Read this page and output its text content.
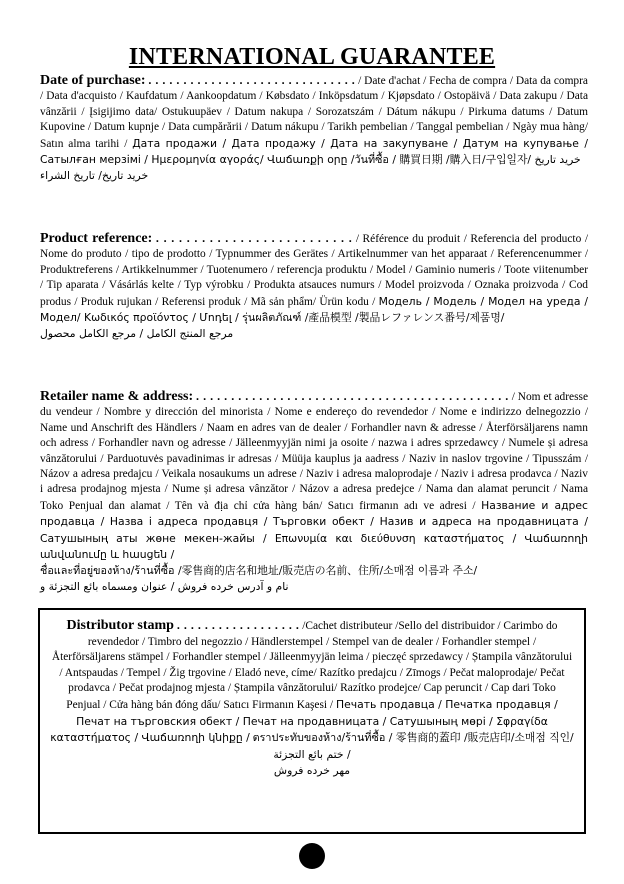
INTERNATIONAL GUARANTEE
Date of purchase: . . . . . . . . . . . . . . . . . . . . . . . . . . . . . . / Date d'achat / Fecha de compra / Data da compra / Data d'acquisto / Kaufdatum / Aankoopdatum / Købsdato / Inköpsdatum / Kjøpsdato / Ostopäivä / Data zakupu / Data vânzării / Įsigijimo data/ Ostukuupäev / Datum nakupa / Sorozatszám / Dátum nákupu / Pirkuma datums / Datum Kupovine / Datum kupnje / Data cumpărării / Datum nákupu / Tarikh pembelian / Tanggal pembelian / Ngày mua hàng/ Satın alma tarihi / Дата продажи / Дата продажу / Дата на закупуване / Датум на купување / Сатылған мерзімі / Ημερομηνία αγοράς/ Վաճառքի օրը /วันที่ซื้อ / 購買日期 /購入日/구입일자/ خريد تاريخ
خريد تاريخ/ تاريخ الشراء
Product reference: . . . . . . . . . . . . . . . . . . . . . . . . . . / Référence du produit / Referencia del producto / Nome do produto / tipo de prodotto / Typnummer des Gerätes / Artikelnummer van het apparaat / Referencenummer / Produktreferens / Artikkelnummer / Tuotenumero / referencja produktu / Model / Gaminio numeris / Toote viitenumber / Tip aparata / Vásárlás kelte / Typ výrobku / Produkta atsauces numurs / Model proizvoda / Oznaka proizvoda / Cod produs / Produk rujukan / Referensi produk / Mã sản phẩm/ Ürün kodu / Модель / Модель / Модел на уреда / Модел/ Κωδικός προϊόντος / Մոդել / รุ่นผลิตภัณฑ์ /產品模型 /製品レファレンス番号/제품명/
مرجع المنتج الكامل / مرجع الكامل محصول
Retailer name & address: . . . . . . . . . . . . . . . . . . . . . . . . . . . . . . . . . . . . . . . . . . . . . / Nom et adresse du vendeur / Nombre y dirección del minorista / Nome e endereço do revendedor / Nome e indirizzo delnegozzio / Name und Anschrift des Händlers / Naam en adres van de dealer / Forhandler navn & adresse / Återförsäljarens namn och adress / Forhandler navn og adresse / Jälleenmyyjän nimi ja osoite / nazwa i adres sprzedawcy / Numele și adresa vânzătorului / Parduotuvės pavadinimas ir adresas / Müüja kauplus ja aadress / Naziv in naslov trgovine / Tipusszám / Názov a adresa predajcu / Veikala nosaukums un adrese / Naziv i adresa maloprodaje / Naziv i adresa prodavca / Naziv i adresa prodajnog mjesta / Nume și adresa vânzător / Názov a adresa predejce / Nama dan alamat peruncit / Nama Toko Penjual dan alamat / Tên và địa chỉ cửa hàng bán/ Satıcı firmanın adı ve adresi / Название и адрес продавца / Назва і адреса продавця / Търговки обект / Назив и адреса на продавницата / Сатушының аты жөне мекен-жайы / Επωνυμία και διεύθυνση καταστήματος / Վաճառողի անվանումը և հասցեն /
ชื่อและที่อยู่ของห้าง/ร้านที่ซื้อ /零售商的店名和地址/販売店の名前、住所/소매점 이름과 주소/
نام و آدرس خرده فروش / عنوان ومسماه بائع التجزئة و
Distributor stamp . . . . . . . . . . . . . . . . . . /Cachet distributeur /Sello del distribuidor / Carimbo do revendedor / Timbro del negozzio / Händlerstempel / Stempel van de dealer / Forhandler stempel / Återförsäljarens stämpel / Forhandler stempel / Jälleenmyyjän leima / pieczęć sprzedawcy / Ștampila vânzătorului / Antspaudas / Tempel / Žig trgovine / Eladó neve, címe/ Razítko predajcu / Zīmogs / Pečat maloprodaje/ Pečat prodavca / Pečat prodajnog mjesta / Ștampila vânzătorului/ Razítko prodejce/ Cap peruncit / Cap dari Toko Penjual / Cửa hàng bán đóng dấu/ Satıcı Firmanın Kaşesi / Печать продавца / Печатка продавця / Печат на търговския обект / Печат на продавницата / Сатушының мөрі / Σφραγίδα καταστήματος / Վաճառողի կնիքը / ตราประทับของห้าง/ร้านที่ซื้อ / 零售商的蓋印 /販売店印/소매점 직인/ختم بائع التجزئة /
مهر خرده فروش
